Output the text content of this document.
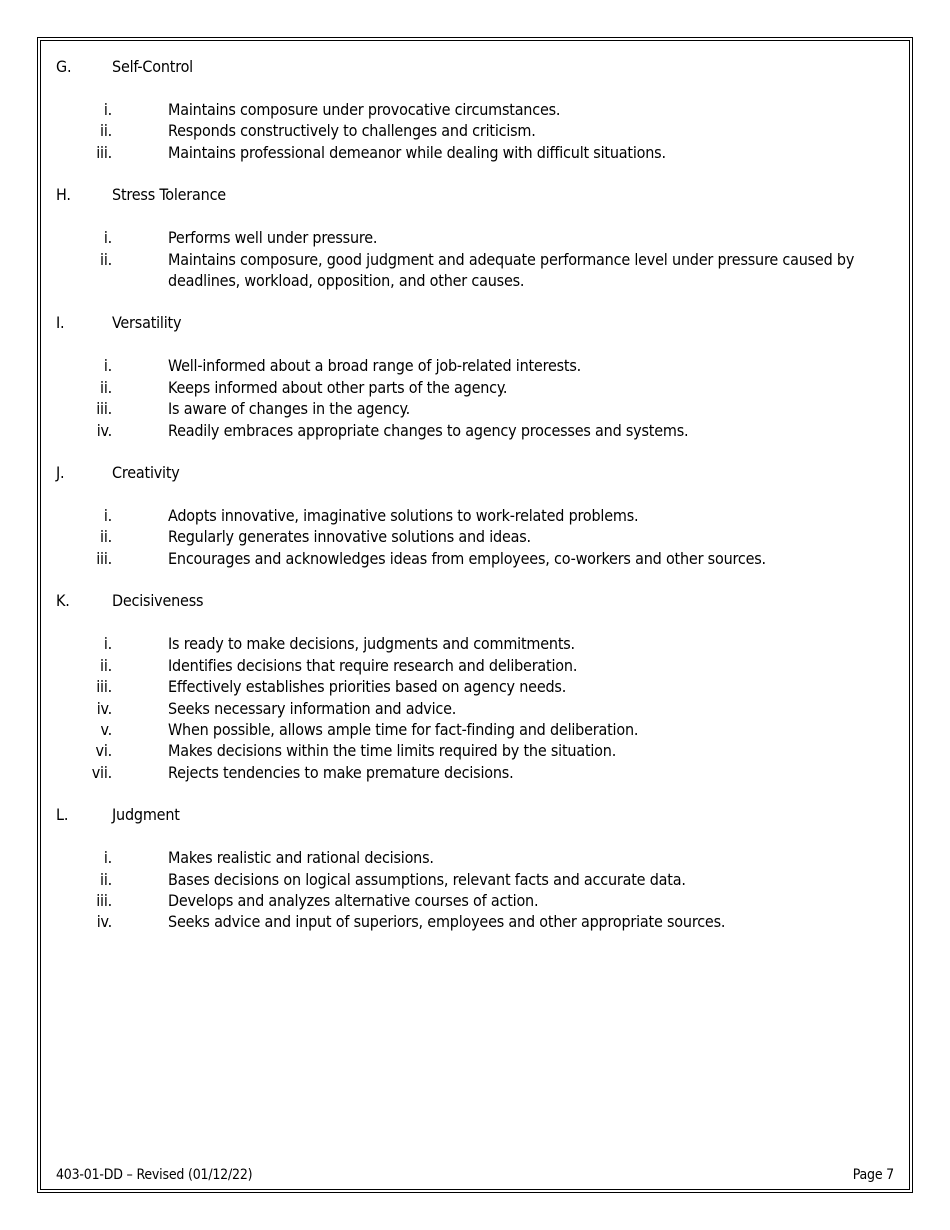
G.	Self-Control
i.	Maintains composure under provocative circumstances.
ii.	Responds constructively to challenges and criticism.
iii.	Maintains professional demeanor while dealing with difficult situations.
H.	Stress Tolerance
i.	Performs well under pressure.
ii.	Maintains composure, good judgment and adequate performance level under pressure caused by deadlines, workload, opposition, and other causes.
I.	Versatility
i.	Well-informed about a broad range of job-related interests.
ii.	Keeps informed about other parts of the agency.
iii.	Is aware of changes in the agency.
iv.	Readily embraces appropriate changes to agency processes and systems.
J.	Creativity
i.	Adopts innovative, imaginative solutions to work-related problems.
ii.	Regularly generates innovative solutions and ideas.
iii.	Encourages and acknowledges ideas from employees, co-workers and other sources.
K.	Decisiveness
i.	Is ready to make decisions, judgments and commitments.
ii.	Identifies decisions that require research and deliberation.
iii.	Effectively establishes priorities based on agency needs.
iv.	Seeks necessary information and advice.
v.	When possible, allows ample time for fact-finding and deliberation.
vi.	Makes decisions within the time limits required by the situation.
vii.	Rejects tendencies to make premature decisions.
L.	Judgment
i.	Makes realistic and rational decisions.
ii.	Bases decisions on logical assumptions, relevant facts and accurate data.
iii.	Develops and analyzes alternative courses of action.
iv.	Seeks advice and input of superiors, employees and other appropriate sources.
403-01-DD – Revised (01/12/22)	Page 7
